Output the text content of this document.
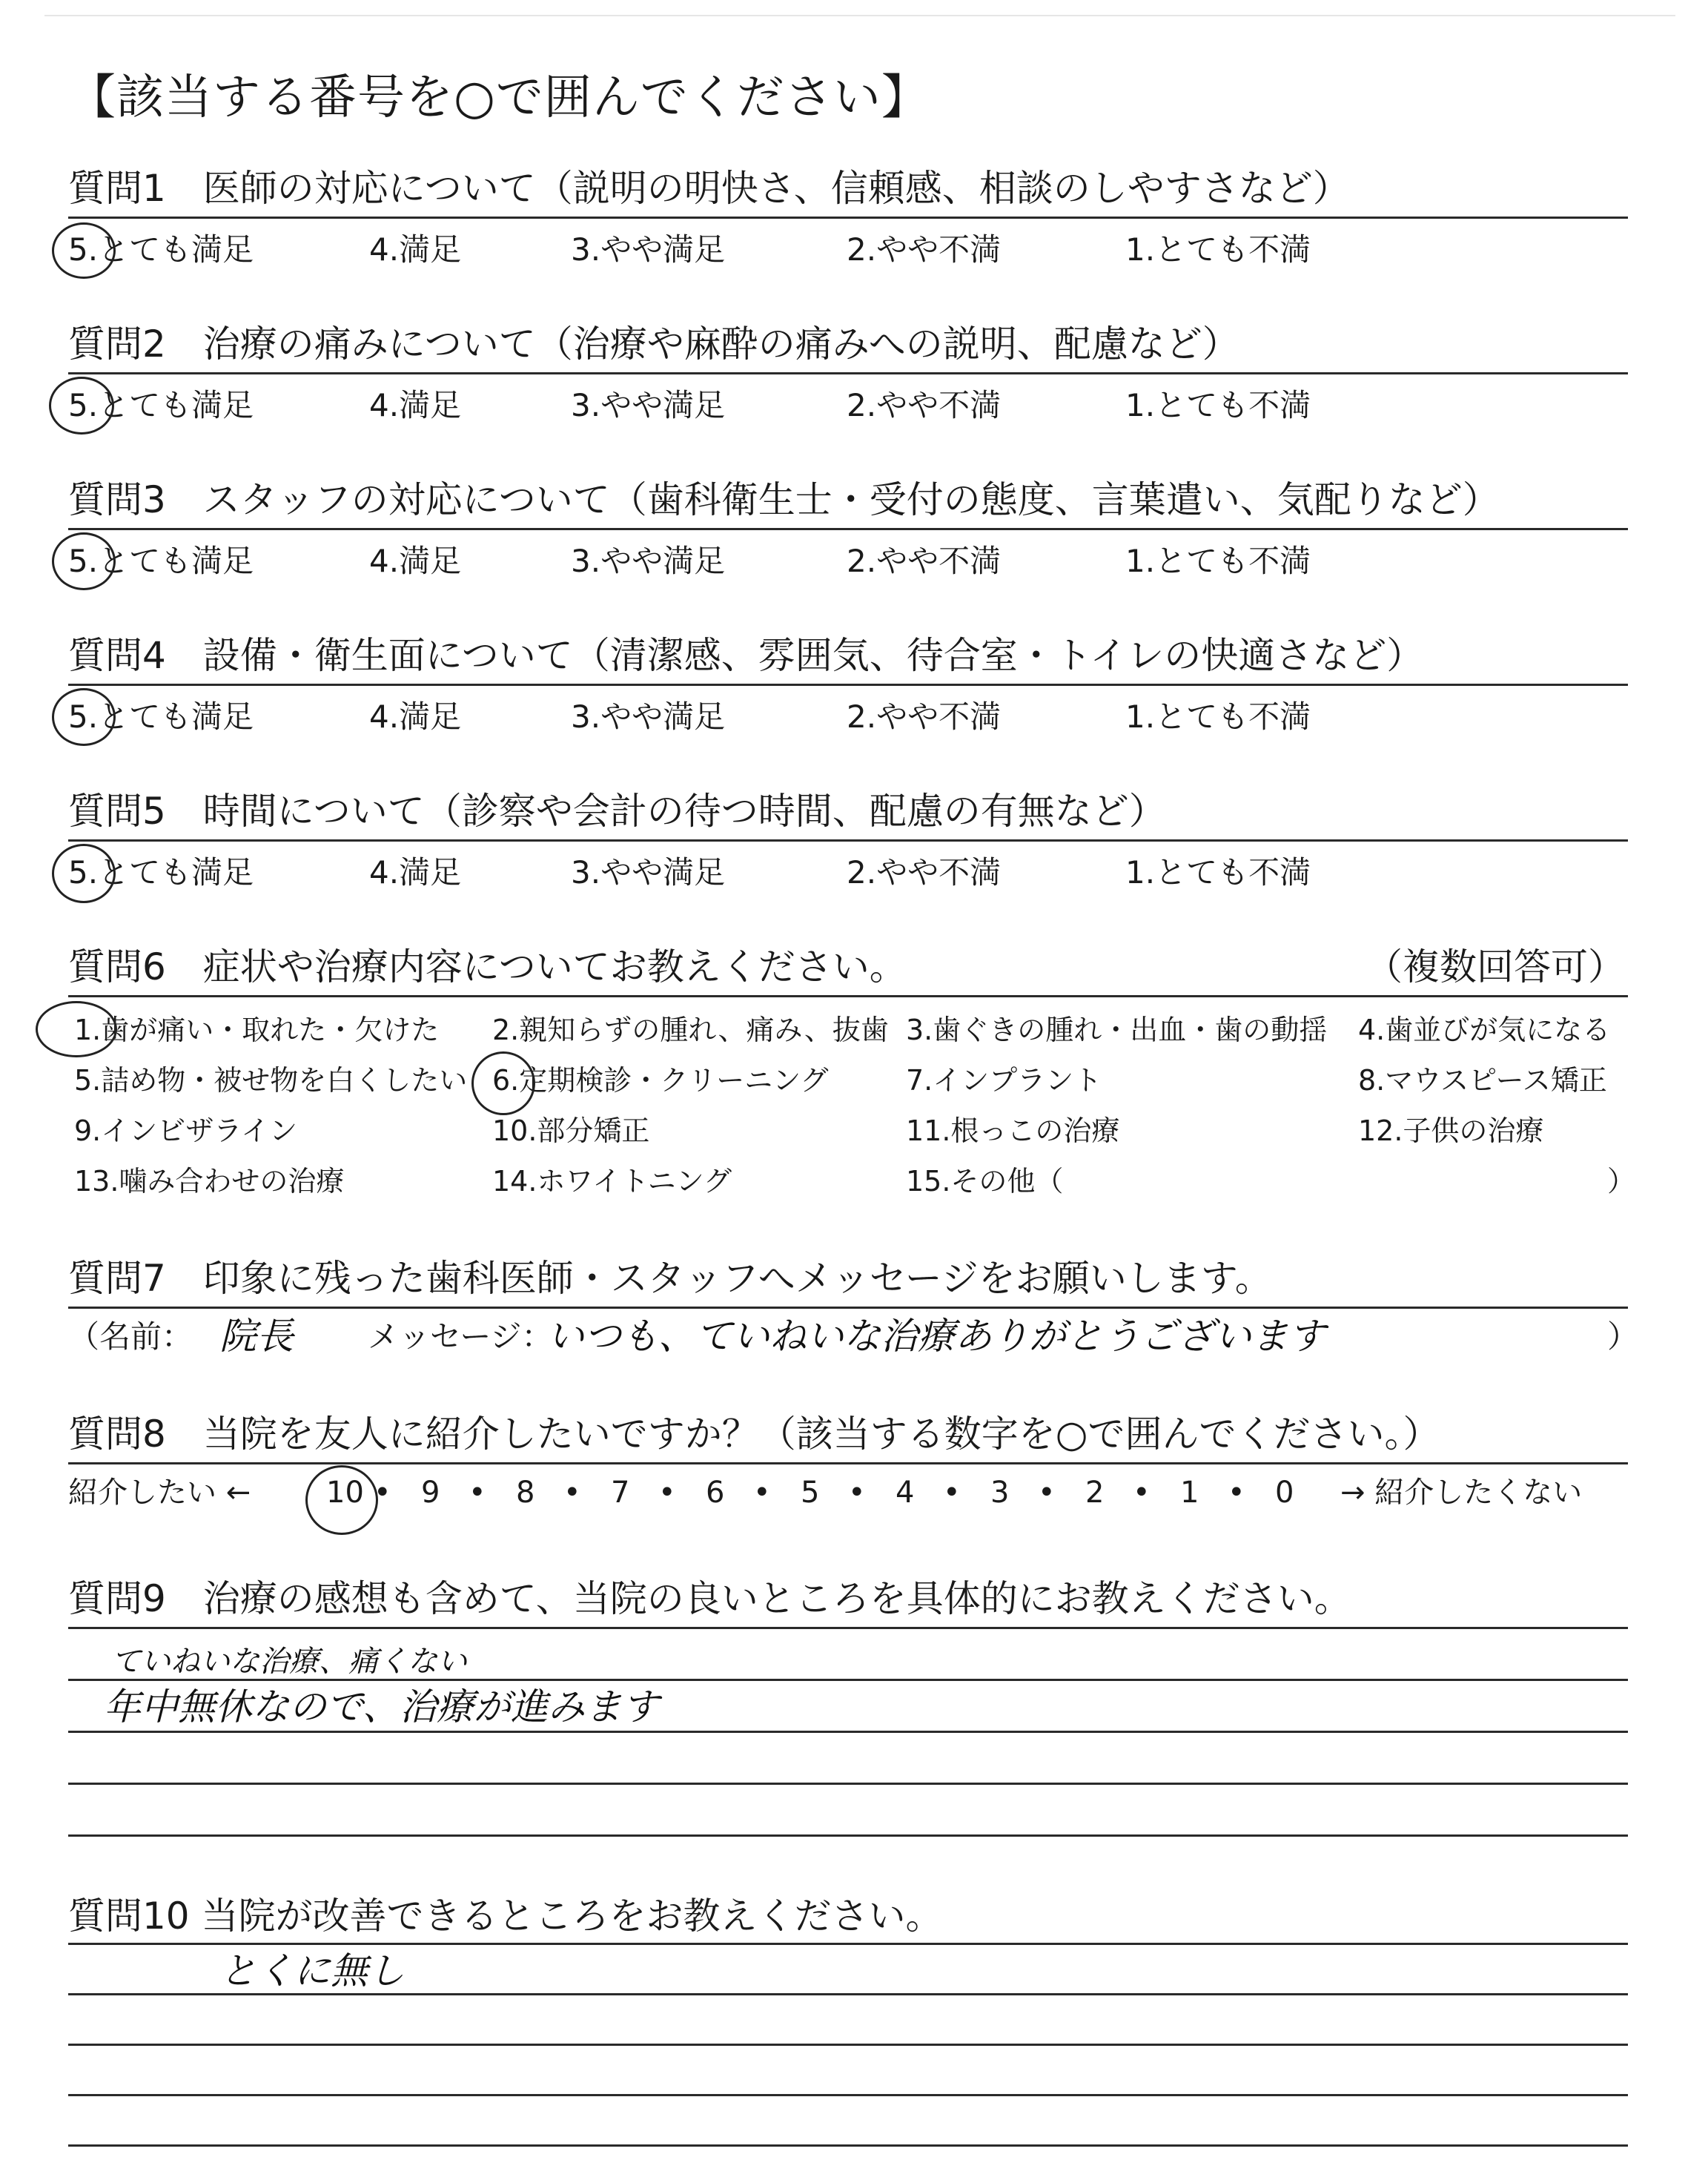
【該当する番号を○で囲んでください】
質問1　医師の対応について（説明の明快さ、信頼感、相談のしやすさなど）
5.とても満足	4.満足	3.やや満足	2.やや不満	1.とても不満
質問2　治療の痛みについて（治療や麻酔の痛みへの説明、配慮など）
5.とても満足	4.満足	3.やや満足	2.やや不満	1.とても不満
質問3　スタッフの対応について（歯科衛生士・受付の態度、言葉遣い、気配りなど）
5.とても満足	4.満足	3.やや満足	2.やや不満	1.とても不満
質問4　設備・衛生面について（清潔感、雰囲気、待合室・トイレの快適さなど）
5.とても満足	4.満足	3.やや満足	2.やや不満	1.とても不満
質問5　時間について（診察や会計の待つ時間、配慮の有無など）
5.とても満足	4.満足	3.やや満足	2.やや不満	1.とても不満
質問6　症状や治療内容についてお教えください。	（複数回答可）
1.歯が痛い・取れた・欠けた 2.親知らずの腫れ、痛み、抜歯 3.歯ぐきの腫れ・出血・歯の動揺 4.歯並びが気になる
5.詰め物・被せ物を白くしたい 6.定期検診・クリーニング	7.インプラント	8.マウスピース矯正
9.インビザライン	10.部分矯正	11.根っこの治療	12.子供の治療
13.噛み合わせの治療	14.ホワイトニング	15.その他（	）
質問7　印象に残った歯科医師・スタッフへメッセージをお願いします。
（名前： 院長 メッセージ：
いつも、ていねいな治療ありがとうございます	）
質問8　当院を友人に紹介したいですか？（該当する数字を○で囲んでください。）
紹介したい ←	10 • 9 • 8 • 7 • 6 • 5 • 4 • 3 • 2 • 1 • 0 → 紹介したくない
質問9　治療の感想も含めて、当院の良いところを具体的にお教えください。
ていねいな治療、痛くない
年中無休なので、治療が進みます
質問10 当院が改善できるところをお教えください。
とくに無し
